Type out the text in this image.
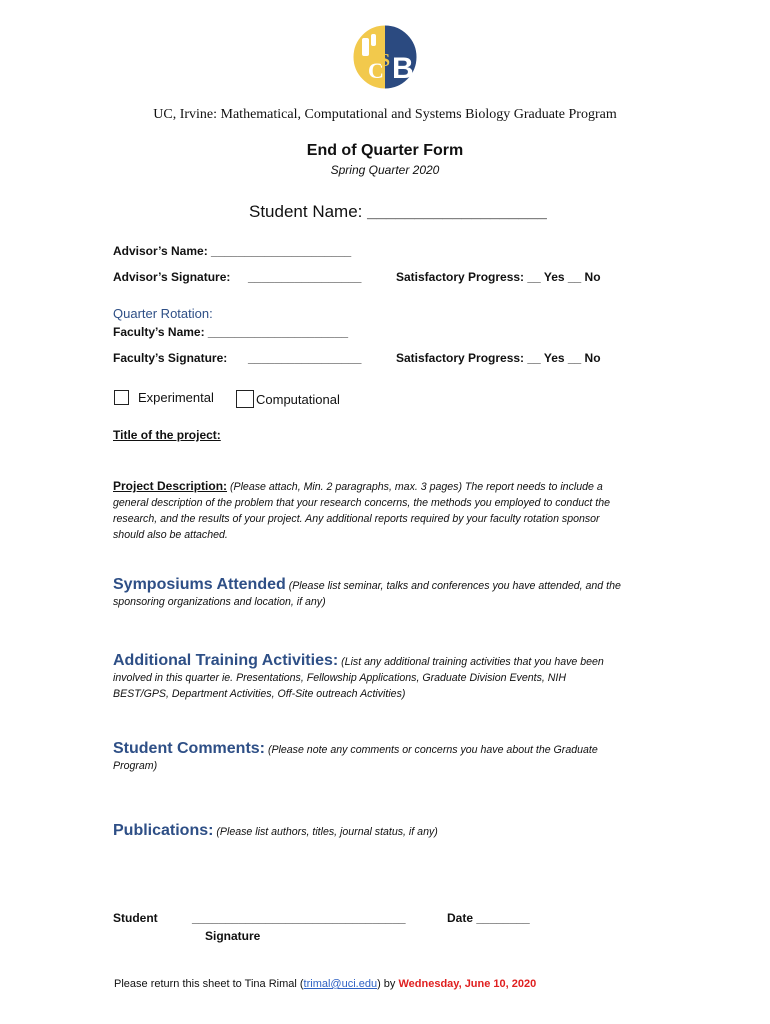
C
S B
UC, Irvine: Mathematical, Computational and Systems Biology Graduate Program
End of Quarter Form
Spring Quarter 2020
Student Name: ___________________
Advisor’s Name: _____________________
Advisor’s Signature: _________________	Satisfactory Progress: __ Yes __ No
Quarter Rotation:
Faculty’s Name: _____________________
Faculty’s Signature: _________________	Satisfactory Progress: __ Yes __ No
Experimental	Computational
Title of the project:
Project Description: (Please attach, Min. 2 paragraphs, max. 3 pages) The report needs to include a
general description of the problem that your research concerns, the methods you employed to conduct the
research, and the results of your project. Any additional reports required by your faculty rotation sponsor
should also be attached.
Symposiums Attended (Please list seminar, talks and conferences you have attended, and the
sponsoring organizations and location, if any)
Additional Training Activities: (List any additional training activities that you have been
involved in this quarter ie. Presentations, Fellowship Applications, Graduate Division Events, NIH
BEST/GPS, Department Activities, Off-Site outreach Activities)
Student Comments: (Please note any comments or concerns you have about the Graduate
Program)
Publications: (Please list authors, titles, journal status, if any)
Student	________________________________
Signature
Date ________
Please return this sheet to Tina Rimal (trimal@uci.edu) by Wednesday, June 10, 2020
